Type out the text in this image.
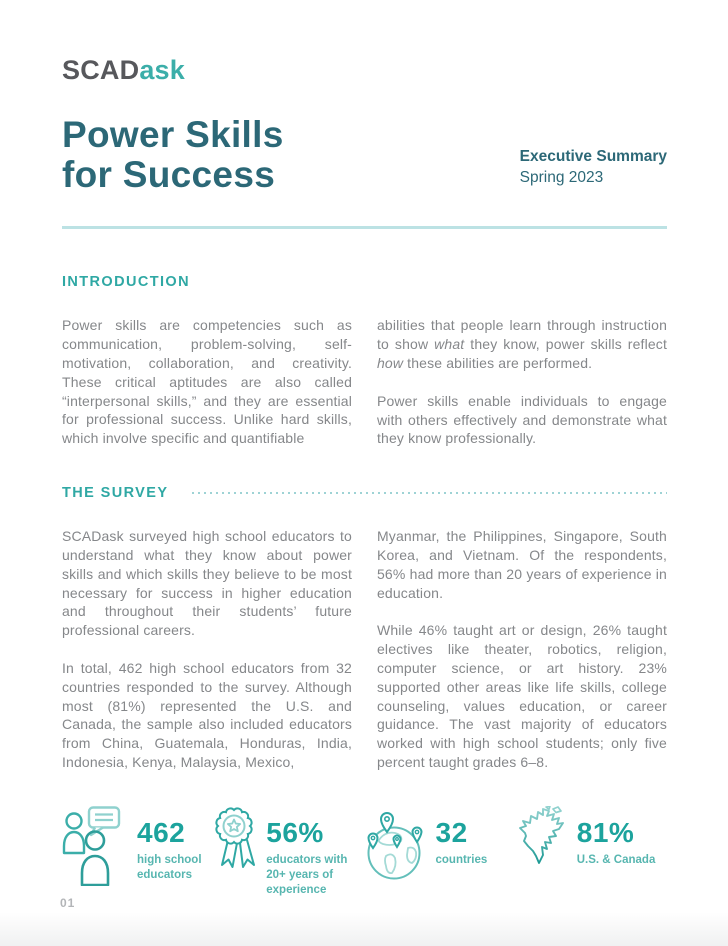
SCADask
Power Skills
for Success	Executive Summary
Spring 2023
INTRODUCTION

Power skills are competencies such as communication, problem-solving, self-motivation, collaboration, and creativity. These critical aptitudes are also called “interpersonal skills,” and they are essential for professional success. Unlike hard skills, which involve specific and quantifiable

abilities that people learn through instruction to show what they know, power skills reflect how these abilities are performed.

Power skills enable individuals to engage with others effectively and demonstrate what they know professionally.

THE SURVEY

SCADask surveyed high school educators to understand what they know about power skills and which skills they believe to be most necessary for success in higher education and throughout their students’ future professional careers.

In total, 462 high school educators from 32 countries responded to the survey. Although most (81%) represented the U.S. and Canada, the sample also included educators from China, Guatemala, Honduras, India, Indonesia, Kenya, Malaysia, Mexico,

Myanmar, the Philippines, Singapore, South Korea, and Vietnam. Of the respondents, 56% had more than 20 years of experience in education.

While 46% taught art or design, 26% taught electives like theater, robotics, religion, computer science, or art history. 23% supported other areas like life skills, college counseling, values education, or career guidance. The vast majority of educators worked with high school students; only five percent taught grades 6–8.

462
high school educators
56%
educators with 20+ years of experience
32
countries
81%
U.S. & Canada
01
